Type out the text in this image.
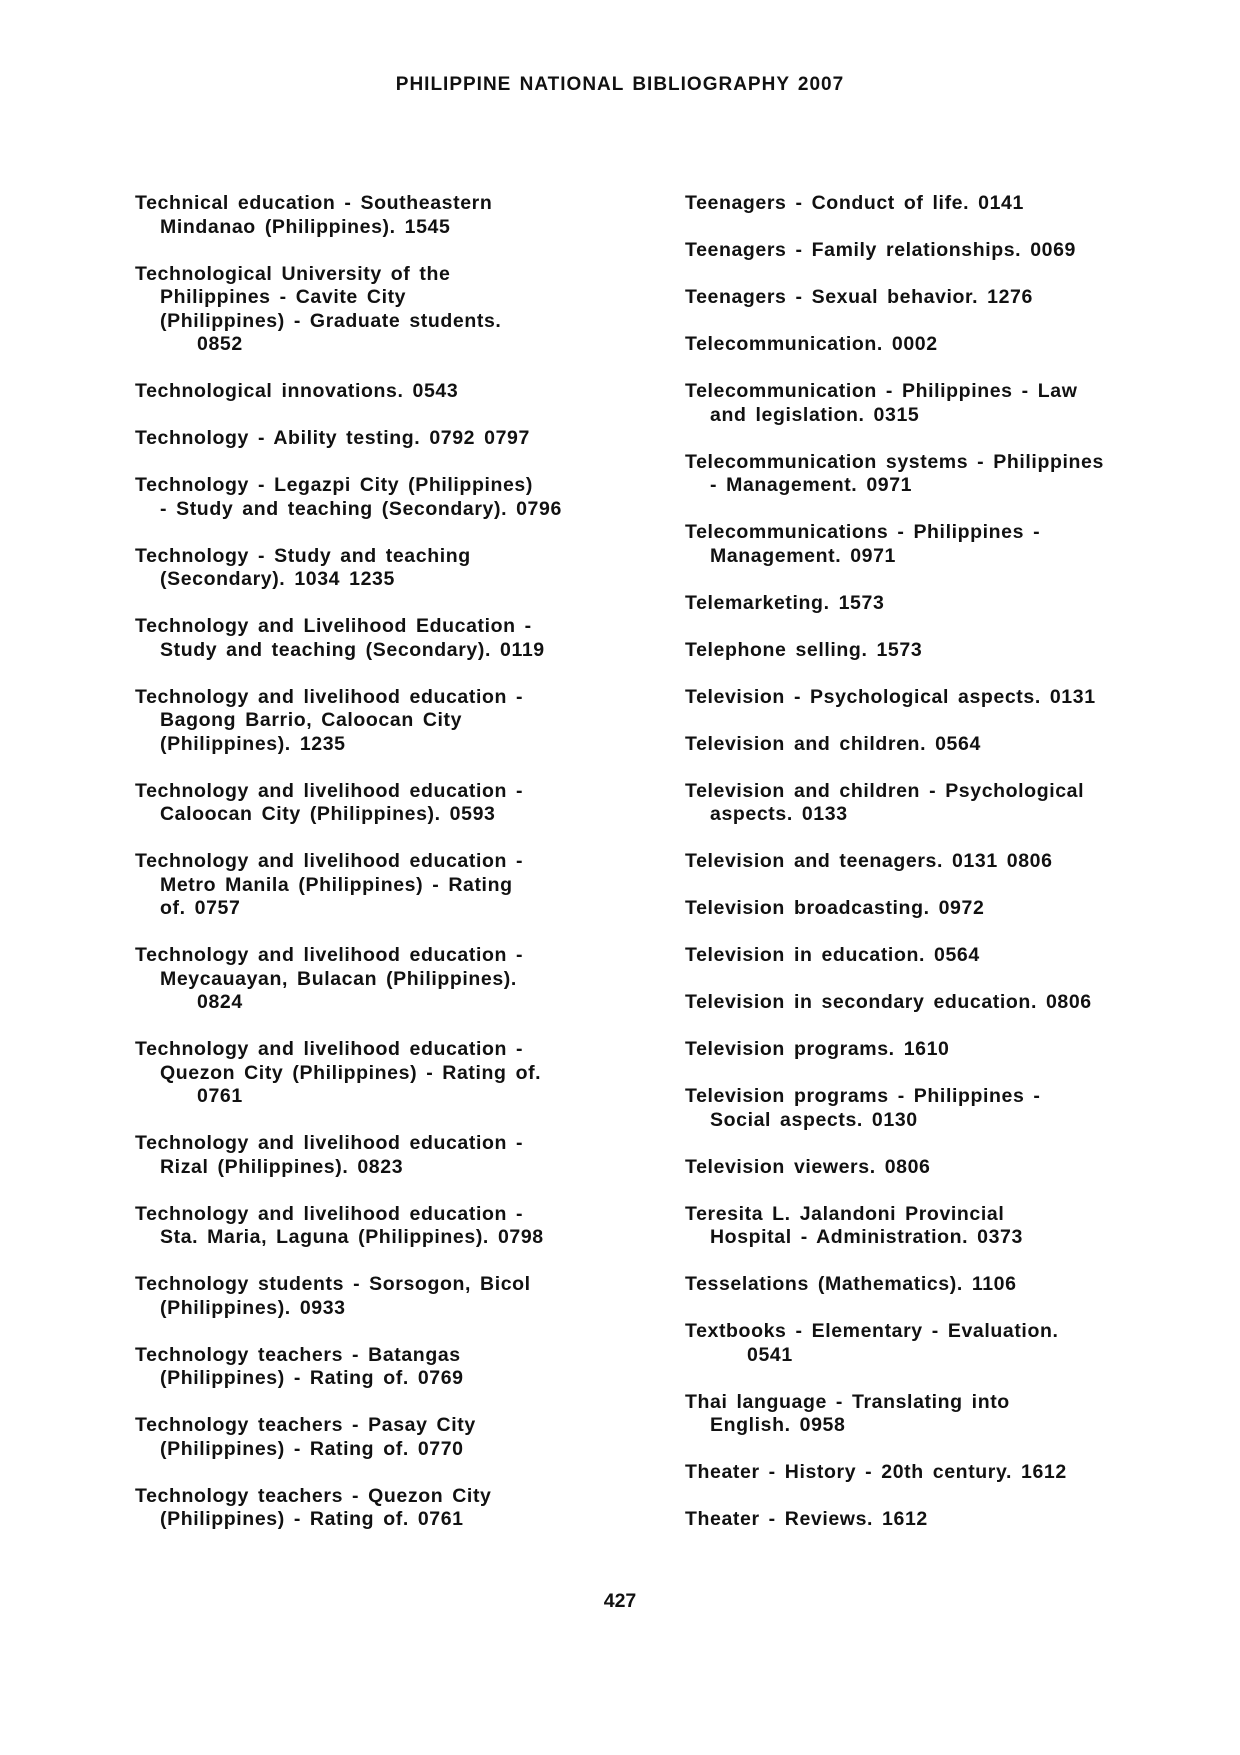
PHILIPPINE NATIONAL BIBLIOGRAPHY 2007
Technical education - Southeastern
Mindanao (Philippines). 1545
Technological University of the
Philippines - Cavite City
(Philippines) - Graduate students.
0852
Technological innovations. 0543
Technology - Ability testing. 0792 0797
Technology - Legazpi City (Philippines)
- Study and teaching (Secondary). 0796
Technology - Study and teaching
(Secondary). 1034 1235
Technology and Livelihood Education -
Study and teaching (Secondary). 0119
Technology and livelihood education -
Bagong Barrio, Caloocan City
(Philippines). 1235
Technology and livelihood education -
Caloocan City (Philippines). 0593
Technology and livelihood education -
Metro Manila (Philippines) - Rating
of. 0757
Technology and livelihood education -
Meycauayan, Bulacan (Philippines).
0824
Technology and livelihood education -
Quezon City (Philippines) - Rating of.
0761
Technology and livelihood education -
Rizal (Philippines). 0823
Technology and livelihood education -
Sta. Maria, Laguna (Philippines). 0798
Technology students - Sorsogon, Bicol
(Philippines). 0933
Technology teachers - Batangas
(Philippines) - Rating of. 0769
Technology teachers - Pasay City
(Philippines) - Rating of. 0770
Technology teachers - Quezon City
(Philippines) - Rating of. 0761
Teenagers - Conduct of life. 0141
Teenagers - Family relationships. 0069
Teenagers - Sexual behavior. 1276
Telecommunication. 0002
Telecommunication - Philippines - Law
and legislation. 0315
Telecommunication systems - Philippines
- Management. 0971
Telecommunications - Philippines -
Management. 0971
Telemarketing. 1573
Telephone selling. 1573
Television - Psychological aspects. 0131
Television and children. 0564
Television and children - Psychological
aspects. 0133
Television and teenagers. 0131 0806
Television broadcasting. 0972
Television in education. 0564
Television in secondary education. 0806
Television programs. 1610
Television programs - Philippines -
Social aspects. 0130
Television viewers. 0806
Teresita L. Jalandoni Provincial
Hospital - Administration. 0373
Tesselations (Mathematics). 1106
Textbooks - Elementary - Evaluation.
0541
Thai language - Translating into
English. 0958
Theater - History - 20th century. 1612
Theater - Reviews. 1612
427
